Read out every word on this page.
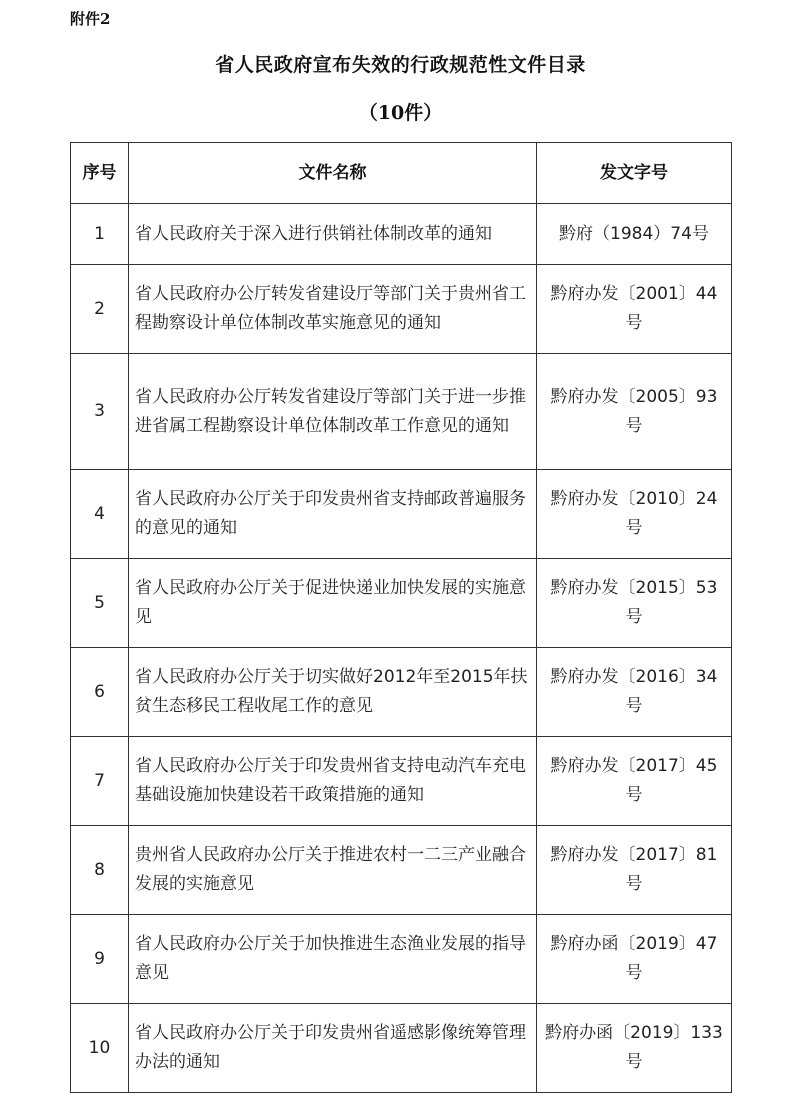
附件2
省人民政府宣布失效的行政规范性文件目录
（10件）
序号	文件名称	发文字号
1	省人民政府关于深入进行供销社体制改革的通知	黔府（1984）74号
2	省人民政府办公厅转发省建设厅等部门关于贵州省工程勘察设计单位体制改革实施意见的通知	黔府办发〔2001〕44号
3	省人民政府办公厅转发省建设厅等部门关于进一步推进省属工程勘察设计单位体制改革工作意见的通知	黔府办发〔2005〕93号
4	省人民政府办公厅关于印发贵州省支持邮政普遍服务的意见的通知	黔府办发〔2010〕24号
5	省人民政府办公厅关于促进快递业加快发展的实施意见	黔府办发〔2015〕53号
6	省人民政府办公厅关于切实做好2012年至2015年扶贫生态移民工程收尾工作的意见	黔府办发〔2016〕34号
7	省人民政府办公厅关于印发贵州省支持电动汽车充电基础设施加快建设若干政策措施的通知	黔府办发〔2017〕45号
8	贵州省人民政府办公厅关于推进农村一二三产业融合发展的实施意见	黔府办发〔2017〕81号
9	省人民政府办公厅关于加快推进生态渔业发展的指导意见	黔府办函〔2019〕47号
10	省人民政府办公厅关于印发贵州省遥感影像统筹管理办法的通知	黔府办函〔2019〕133号
